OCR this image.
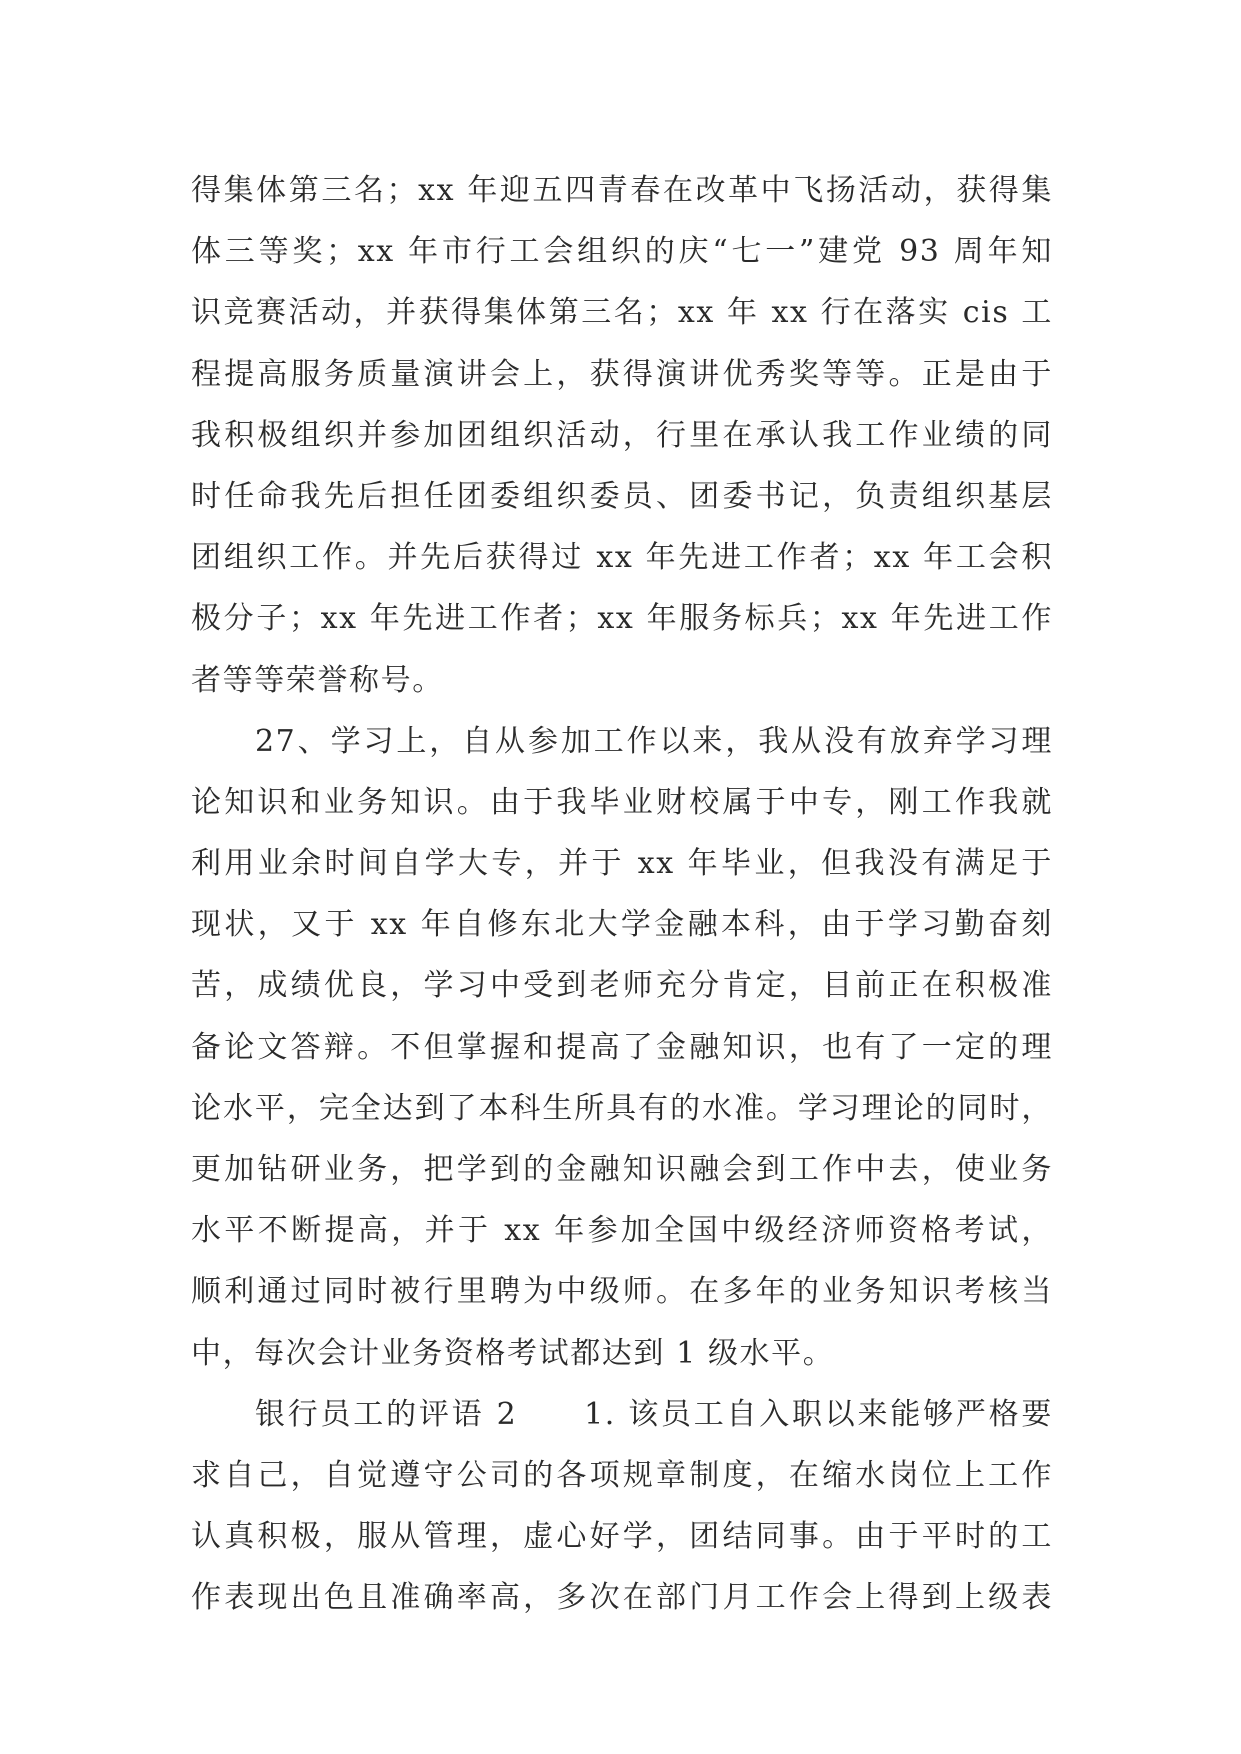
得集体第三名；xx 年迎五四青春在改革中飞扬活动，获得集
体三等奖；xx 年市行工会组织的庆“七一”建党 93 周年知
识竞赛活动，并获得集体第三名；xx 年 xx 行在落实 cis 工
程提高服务质量演讲会上，获得演讲优秀奖等等。正是由于
我积极组织并参加团组织活动，行里在承认我工作业绩的同
时任命我先后担任团委组织委员、团委书记，负责组织基层
团组织工作。并先后获得过 xx 年先进工作者；xx 年工会积
极分子；xx 年先进工作者；xx 年服务标兵；xx 年先进工作
者等等荣誉称号。
27、学习上，自从参加工作以来，我从没有放弃学习理
论知识和业务知识。由于我毕业财校属于中专，刚工作我就
利用业余时间自学大专，并于 xx 年毕业，但我没有满足于
现状，又于 xx 年自修东北大学金融本科，由于学习勤奋刻
苦，成绩优良，学习中受到老师充分肯定，目前正在积极准
备论文答辩。不但掌握和提高了金融知识，也有了一定的理
论水平，完全达到了本科生所具有的水准。学习理论的同时，
更加钻研业务，把学到的金融知识融会到工作中去，使业务
水平不断提高，并于 xx 年参加全国中级经济师资格考试，
顺利通过同时被行里聘为中级师。在多年的业务知识考核当
中，每次会计业务资格考试都达到 1 级水平。
银行员工的评语 2　　1. 该员工自入职以来能够严格要
求自己，自觉遵守公司的各项规章制度，在缩水岗位上工作
认真积极，服从管理，虚心好学，团结同事。由于平时的工
作表现出色且准确率高，多次在部门月工作会上得到上级表
